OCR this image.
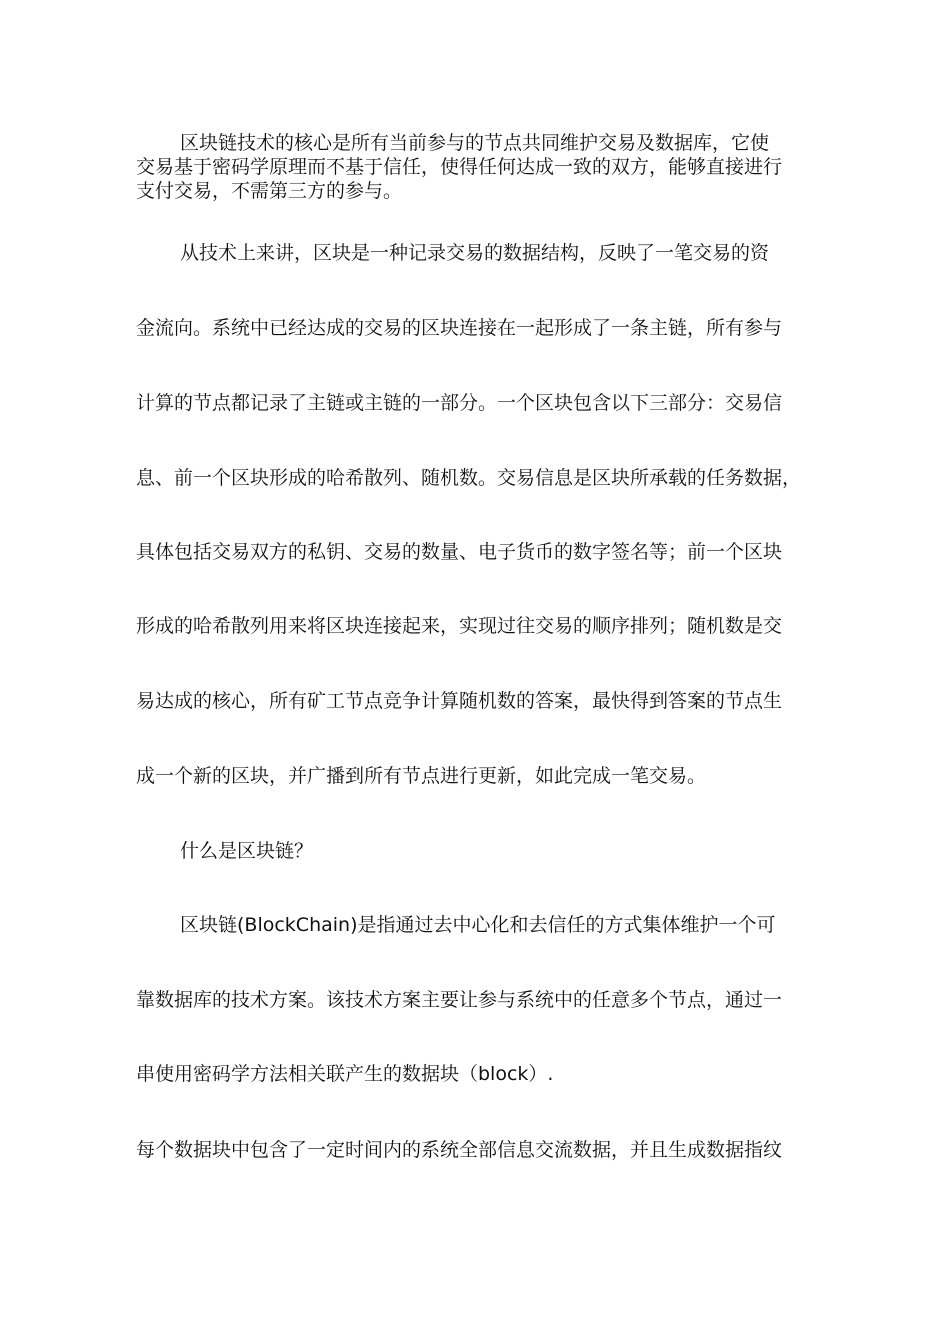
区块链技术的核心是所有当前参与的节点共同维护交易及数据库，它使
交易基于密码学原理而不基于信任，使得任何达成一致的双方，能够直接进行
支付交易，不需第三方的参与。
从技术上来讲，区块是一种记录交易的数据结构，反映了一笔交易的资
金流向。系统中已经达成的交易的区块连接在一起形成了一条主链，所有参与
计算的节点都记录了主链或主链的一部分。一个区块包含以下三部分：交易信
息、前一个区块形成的哈希散列、随机数。交易信息是区块所承载的任务数据，
具体包括交易双方的私钥、交易的数量、电子货币的数字签名等；前一个区块
形成的哈希散列用来将区块连接起来，实现过往交易的顺序排列；随机数是交
易达成的核心，所有矿工节点竞争计算随机数的答案，最快得到答案的节点生
成一个新的区块，并广播到所有节点进行更新，如此完成一笔交易。
什么是区块链？
区块链(BlockChain)是指通过去中心化和去信任的方式集体维护一个可
靠数据库的技术方案。该技术方案主要让参与系统中的任意多个节点，通过一
串使用密码学方法相关联产生的数据块（block）.
每个数据块中包含了一定时间内的系统全部信息交流数据，并且生成数据指纹
